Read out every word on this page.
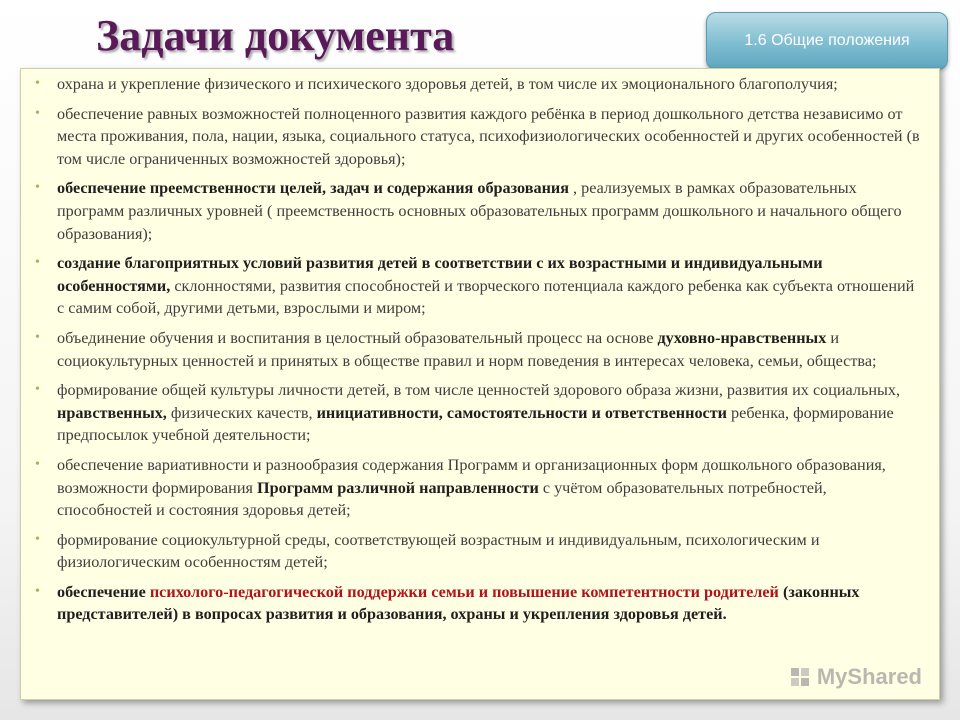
Задачи документа	1.6 Общие положения
• охрана и укрепление физического и психического здоровья детей, в том числе их эмоционального благополучия;
• обеспечение равных возможностей полноценного развития каждого ребёнка в период дошкольного детства независимо от места проживания, пола, нации, языка, социального статуса, психофизиологических особенностей и других особенностей (в том числе ограниченных возможностей здоровья);
• обеспечение преемственности целей, задач и содержания образования , реализуемых в рамках образовательных программ различных уровней ( преемственность основных образовательных программ дошкольного и начального общего образования);
• создание благоприятных условий развития детей в соответствии с их возрастными и индивидуальными особенностями, склонностями, развития способностей и творческого потенциала каждого ребенка как субъекта отношений с самим собой, другими детьми, взрослыми и миром;
• объединение обучения и воспитания в целостный образовательный процесс на основе духовно-нравственных и социокультурных ценностей и принятых в обществе правил и норм поведения в интересах человека, семьи, общества;
• формирование общей культуры личности детей, в том числе ценностей здорового образа жизни, развития их социальных, нравственных, физических качеств, инициативности, самостоятельности и ответственности ребенка, формирование предпосылок учебной деятельности;
• обеспечение вариативности и разнообразия содержания Программ и организационных форм дошкольного образования, возможности формирования Программ различной направленности с учётом образовательных потребностей, способностей и состояния здоровья детей;
• формирование социокультурной среды, соответствующей возрастным и индивидуальным, психологическим и физиологическим особенностям детей;
• обеспечение психолого-педагогической поддержки семьи и повышение компетентности родителей (законных представителей) в вопросах развития и образования, охраны и укрепления здоровья детей.
MyShared
